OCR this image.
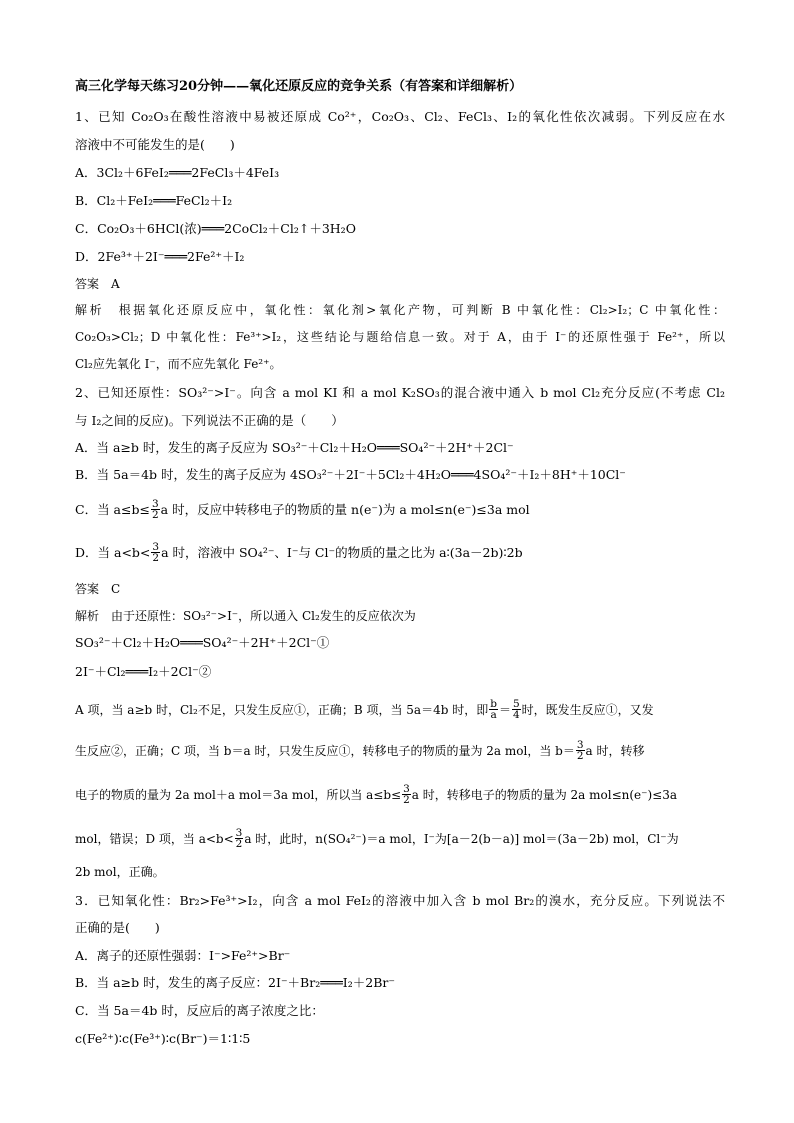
高三化学每天练习20分钟——氧化还原反应的竞争关系（有答案和详细解析）
1、已知 Co₂O₃在酸性溶液中易被还原成 Co²⁺，Co₂O₃、Cl₂、FeCl₃、I₂的氧化性依次减弱。下列反应在水
溶液中不可能发生的是(　　)
A．3Cl₂＋6FeI₂═══2FeCl₃＋4FeI₃
B．Cl₂＋FeI₂═══FeCl₂＋I₂
C．Co₂O₃＋6HCl(浓)═══2CoCl₂＋Cl₂↑＋3H₂O
D．2Fe³⁺＋2I⁻═══2Fe²⁺＋I₂
答案　A
解析　根据氧化还原反应中，氧化性：氧化剂>氧化产物，可判断 B 中氧化性：Cl₂>I₂；C 中氧化性：
Co₂O₃>Cl₂；D 中氧化性：Fe³⁺>I₂，这些结论与题给信息一致。对于 A，由于 I⁻的还原性强于 Fe²⁺，所以
Cl₂应先氧化 I⁻，而不应先氧化 Fe²⁺。
2、已知还原性：SO₃²⁻>I⁻。向含 a mol KI 和 a mol K₂SO₃的混合液中通入 b mol Cl₂充分反应(不考虑 Cl₂
与 I₂之间的反应)。下列说法不正确的是（　　）
A．当 a≥b 时，发生的离子反应为 SO₃²⁻＋Cl₂＋H₂O═══SO₄²⁻＋2H⁺＋2Cl⁻
B．当 5a＝4b 时，发生的离子反应为 4SO₃²⁻＋2I⁻＋5Cl₂＋4H₂O═══4SO₄²⁻＋I₂＋8H⁺＋10Cl⁻
C．当 $a\le b\le \frac{3}{2}$ a 时，反应中转移电子的物质的量 n(e⁻)为 a mol≤n(e⁻)≤3a mol
D．当 $a<b< \frac{3}{2}$ a 时，溶液中 SO₄²⁻、I⁻与 Cl⁻的物质的量之比为 a∶(3a－2b)∶2b
答案　C
解析　由于还原性：SO₃²⁻>I⁻，所以通入 Cl₂发生的反应依次为
SO₃²⁻＋Cl₂＋H₂O═══SO₄²⁻＋2H⁺＋2Cl⁻①
2I⁻＋Cl₂═══I₂＋2Cl⁻②
A 项，当 a≥b 时，Cl₂不足，只发生反应①，正确；B 项，当 5a＝4b 时，即 $\frac{b}{a} = \frac{5}{4}$ 时，既发生反应①，又发
生反应②，正确；C 项，当 b＝a 时，只发生反应①，转移电子的物质的量为 2a mol，当 $b= \frac{3}{2}$ a 时，转移
电子的物质的量为 2a mol＋a mol＝3a mol，所以当 $a\le b\le \frac{3}{2}$ a 时，转移电子的物质的量为 2a mol≤n(e⁻)≤3a
mol，错误；D 项，当 $a<b< \frac{3}{2}$ a 时，此时，n(SO₄²⁻)＝a mol，I⁻为[a－2(b－a)] mol＝(3a－2b) mol，Cl⁻为
2b mol，正确。
3．已知氧化性：Br₂>Fe³⁺>I₂，向含 a mol FeI₂的溶液中加入含 b mol Br₂的溴水，充分反应。下列说法不
正确的是(　　)
A．离子的还原性强弱：I⁻>Fe²⁺>Br⁻
B．当 a≥b 时，发生的离子反应：2I⁻＋Br₂═══I₂＋2Br⁻
C．当 5a＝4b 时，反应后的离子浓度之比：
c(Fe²⁺)∶c(Fe³⁺)∶c(Br⁻)＝1∶1∶5
